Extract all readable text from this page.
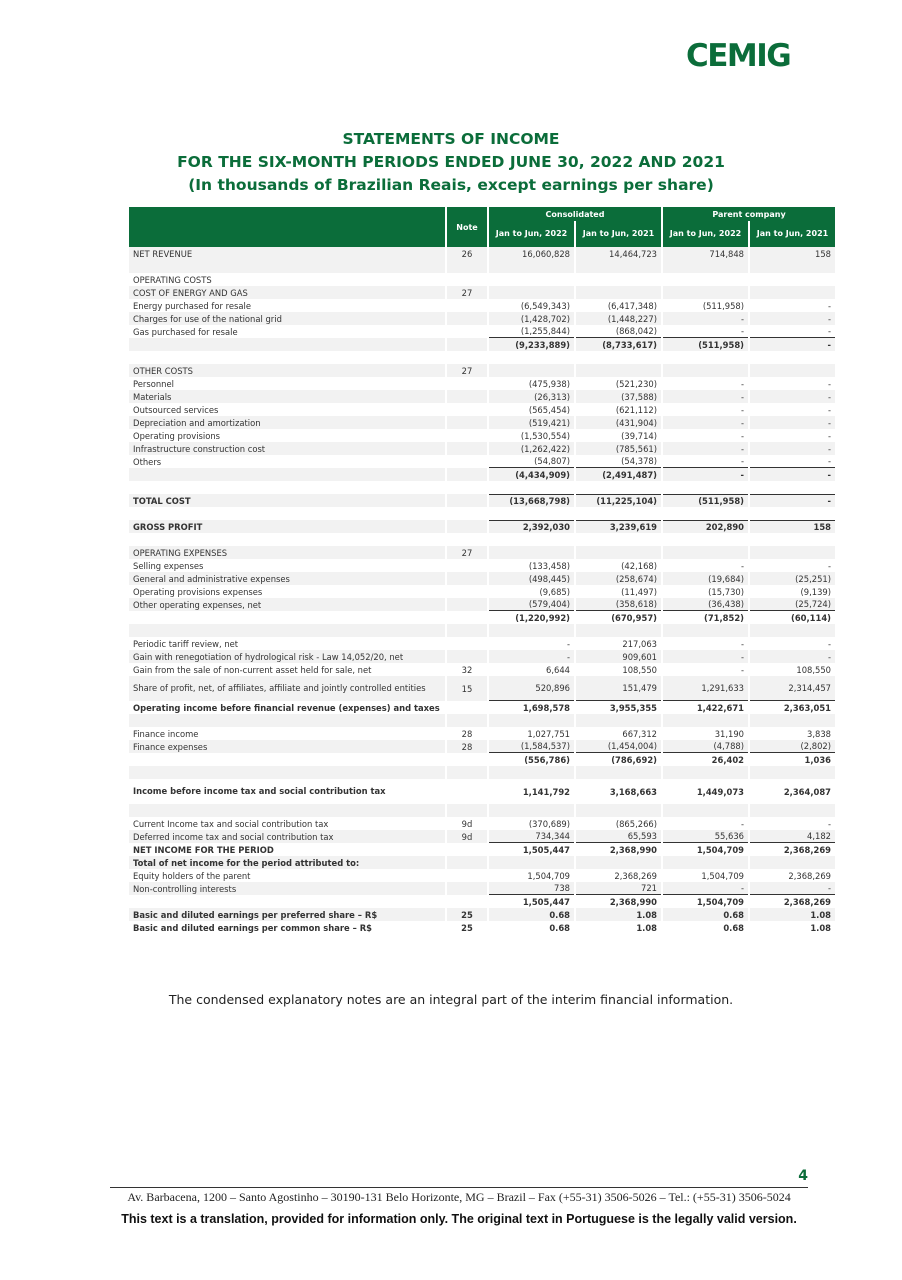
CEMIG
STATEMENTS OF INCOME
FOR THE SIX-MONTH PERIODS ENDED JUNE 30, 2022 AND 2021
(In thousands of Brazilian Reais, except earnings per share)
	Note	Consolidated		Parent company	
		Jan to Jun, 2022	Jan to Jun, 2021	Jan to Jun, 2022	Jan to Jun, 2021
NET REVENUE	26	16,060,828	14,464,723	714,848	158

OPERATING COSTS					
COST OF ENERGY AND GAS	27				
Energy purchased for resale		(6,549,343)	(6,417,348)	(511,958)	-
Charges for use of the national grid		(1,428,702)	(1,448,227)	-	-
Gas purchased for resale		(1,255,844)	(868,042)	-	-
		(9,233,889)	(8,733,617)	(511,958)	-

OTHER COSTS	27				
Personnel		(475,938)	(521,230)	-	-
Materials		(26,313)	(37,588)	-	-
Outsourced services		(565,454)	(621,112)	-	-
Depreciation and amortization		(519,421)	(431,904)	-	-
Operating provisions		(1,530,554)	(39,714)	-	-
Infrastructure construction cost		(1,262,422)	(785,561)	-	-
Others		(54,807)	(54,378)	-	-
		(4,434,909)	(2,491,487)	-	-

TOTAL COST		(13,668,798)	(11,225,104)	(511,958)	-

GROSS PROFIT		2,392,030	3,239,619	202,890	158

OPERATING EXPENSES	27				
Selling expenses		(133,458)	(42,168)	-	-
General and administrative expenses		(498,445)	(258,674)	(19,684)	(25,251)
Operating provisions expenses		(9,685)	(11,497)	(15,730)	(9,139)
Other operating expenses, net		(579,404)	(358,618)	(36,438)	(25,724)
		(1,220,992)	(670,957)	(71,852)	(60,114)

Periodic tariff review, net		-	217,063	-	-
Gain with renegotiation of hydrological risk - Law 14,052/20, net		-	909,601	-	-
Gain from the sale of non-current asset held for sale, net	32	6,644	108,550	-	108,550
Share of profit, net, of affiliates, affiliate and jointly controlled entities	15	520,896	151,479	1,291,633	2,314,457
Operating income before financial revenue (expenses) and taxes		1,698,578	3,955,355	1,422,671	2,363,051

Finance income	28	1,027,751	667,312	31,190	3,838
Finance expenses	28	(1,584,537)	(1,454,004)	(4,788)	(2,802)
		(556,786)	(786,692)	26,402	1,036

Income before income tax and social contribution tax		1,141,792	3,168,663	1,449,073	2,364,087

Current Income tax and social contribution tax	9d	(370,689)	(865,266)	-	-
Deferred income tax and social contribution tax	9d	734,344	65,593	55,636	4,182
NET INCOME FOR THE PERIOD		1,505,447	2,368,990	1,504,709	2,368,269
Total of net income for the period attributed to:					
Equity holders of the parent		1,504,709	2,368,269	1,504,709	2,368,269
Non-controlling interests		738	721	-	-
		1,505,447	2,368,990	1,504,709	2,368,269
Basic and diluted earnings per preferred share – R$	25	0.68	1.08	0.68	1.08
Basic and diluted earnings per common share – R$	25	0.68	1.08	0.68	1.08
The condensed explanatory notes are an integral part of the interim financial information.
4
Av. Barbacena, 1200 – Santo Agostinho – 30190-131 Belo Horizonte, MG – Brazil – Fax (+55-31) 3506-5026 – Tel.: (+55-31) 3506-5024
This text is a translation, provided for information only. The original text in Portuguese is the legally valid version.
